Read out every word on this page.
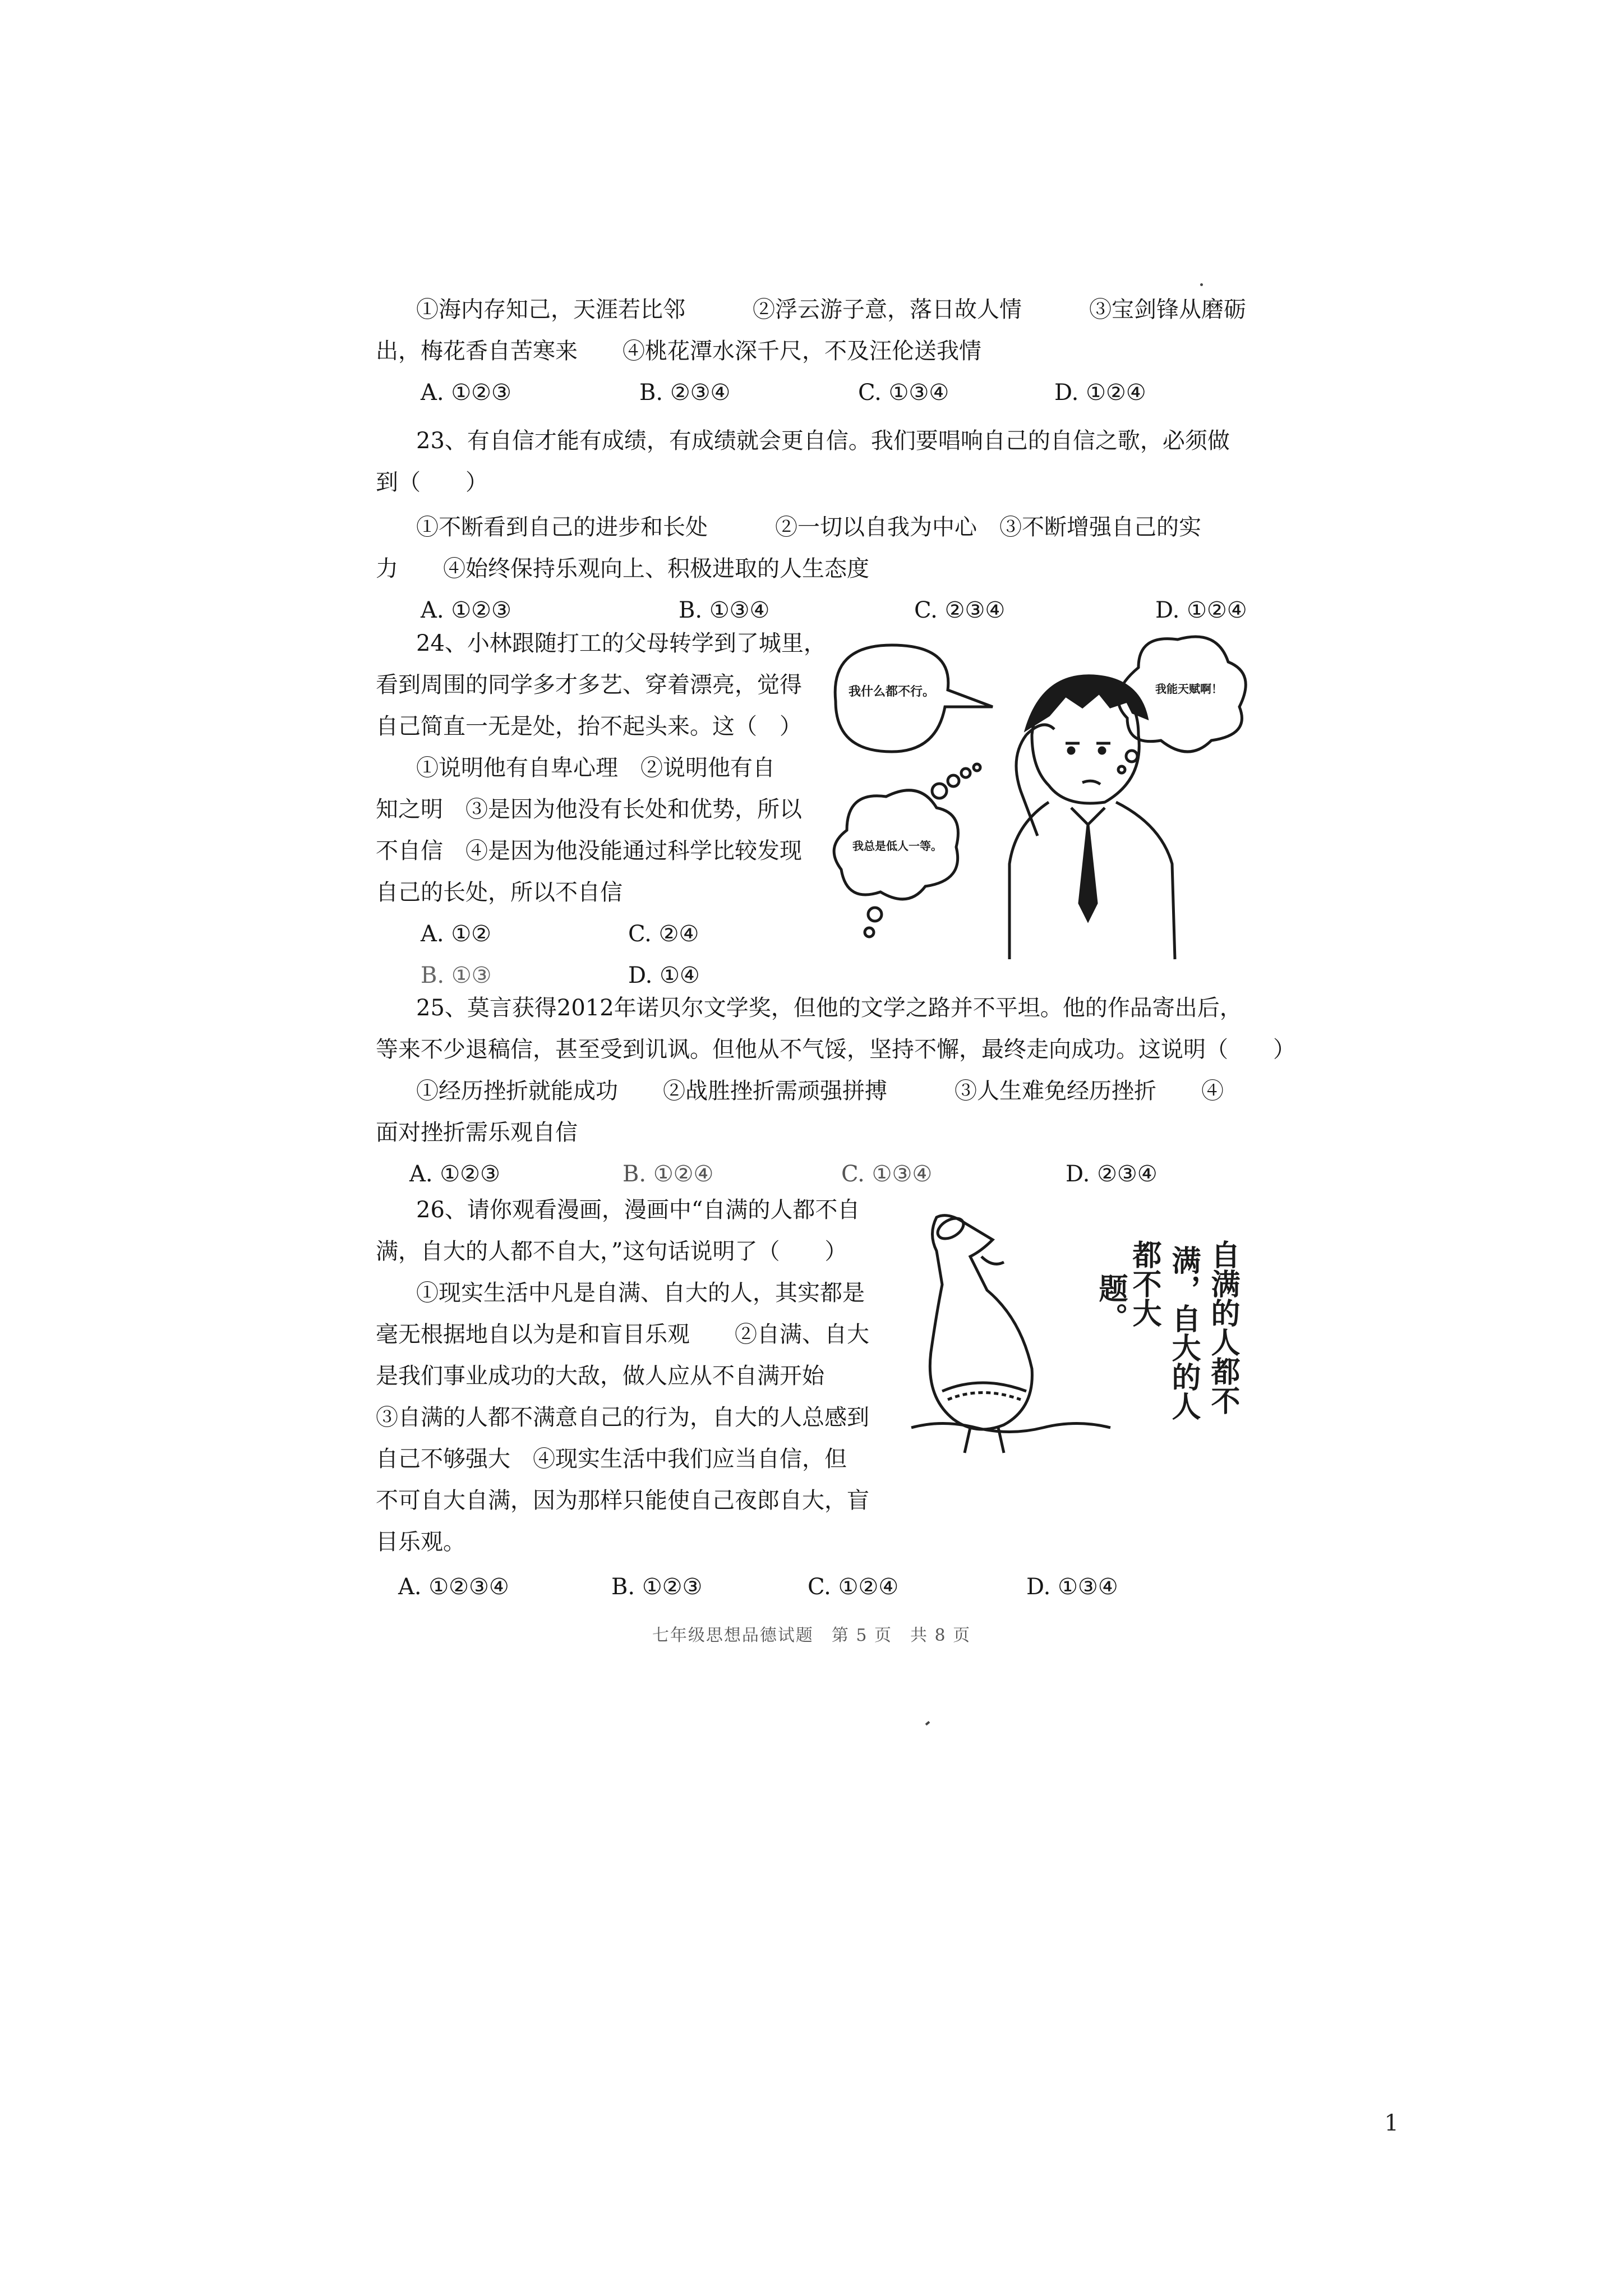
①海内存知己，天涯若比邻　　　②浮云游子意，落日故人情　　　③宝剑锋从磨砺
出，梅花香自苦寒来　　④桃花潭水深千尺，不及汪伦送我情
A. ①②③	B. ②③④	C. ①③④	D. ①②④
23、有自信才能有成绩，有成绩就会更自信。我们要唱响自己的自信之歌，必须做
到（　　）
①不断看到自己的进步和长处　　　②一切以自我为中心　③不断增强自己的实
力　　④始终保持乐观向上、积极进取的人生态度
A. ①②③	B. ①③④	C. ②③④	D. ①②④
24、小林跟随打工的父母转学到了城里，
看到周围的同学多才多艺、穿着漂亮，觉得
自己简直一无是处，抬不起头来。这（　）
①说明他有自卑心理　②说明他有自
知之明　③是因为他没有长处和优势，所以
不自信　④是因为他没能通过科学比较发现
自己的长处，所以不自信
A. ①②	C. ②④
B. ①③	D. ①④
我什么都不行。	我能天赋啊！
我总是低人一等。
25、莫言获得2012年诺贝尔文学奖，但他的文学之路并不平坦。他的作品寄出后，
等来不少退稿信，甚至受到讥讽。但他从不气馁，坚持不懈，最终走向成功。这说明（　　）
①经历挫折就能成功　　②战胜挫折需顽强拼搏　　　③人生难免经历挫折　　④
面对挫折需乐观自信
A. ①②③	B. ①②④	C. ①③④	D. ②③④
26、请你观看漫画，漫画中“自满的人都不自
满，自大的人都不自大，”这句话说明了（　　）
①现实生活中凡是自满、自大的人，其实都是
毫无根据地自以为是和盲目乐观　　②自满、自大
是我们事业成功的大敌，做人应从不自满开始
③自满的人都不满意自己的行为，自大的人总感到
自己不够强大　④现实生活中我们应当自信，但
不可自大自满，因为那样只能使自己夜郎自大，盲
目乐观。
A. ①②③④	B. ①②③	C. ①②④	D. ①③④
自满的人都不
满，自大的人
都不大
题。
七年级思想品德试题　第 5 页　共 8 页
1
